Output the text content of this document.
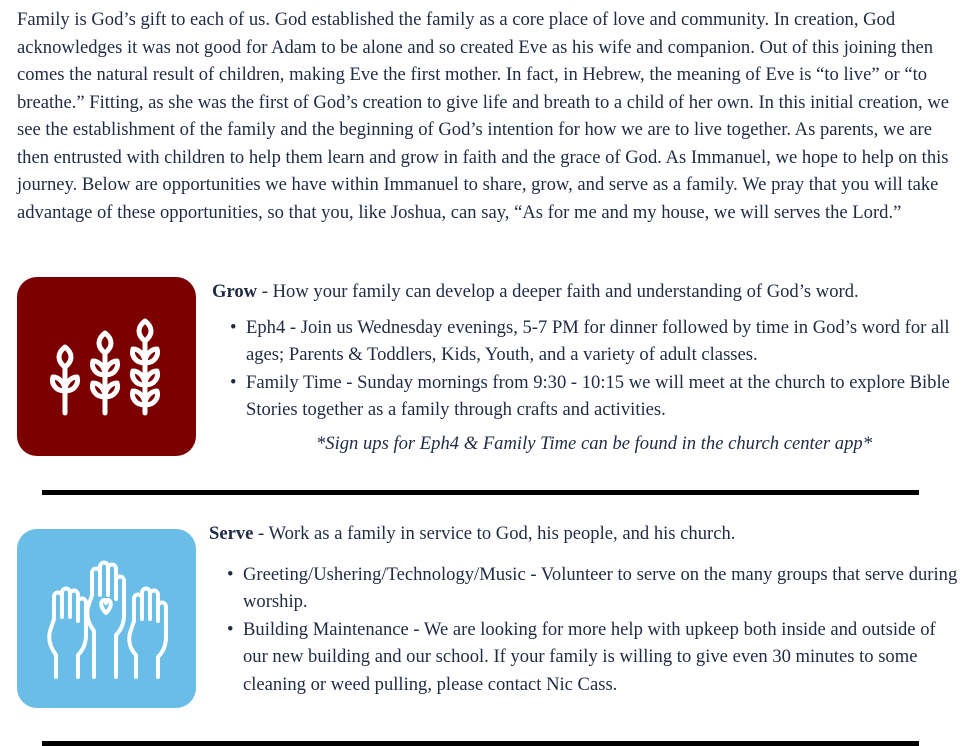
Family is God’s gift to each of us. God established the family as a core place of love and community. In creation, God acknowledges it was not good for Adam to be alone and so created Eve as his wife and companion. Out of this joining then comes the natural result of children, making Eve the first mother. In fact, in Hebrew, the meaning of Eve is “to live” or “to breathe.” Fitting, as she was the first of God’s creation to give life and breath to a child of her own. In this initial creation, we see the establishment of the family and the beginning of God’s intention for how we are to live together. As parents, we are then entrusted with children to help them learn and grow in faith and the grace of God. As Immanuel, we hope to help on this journey. Below are opportunities we have within Immanuel to share, grow, and serve as a family. We pray that you will take advantage of these opportunities, so that you, like Joshua, can say, “As for me and my house, we will serves the Lord.”

Grow - How your family can develop a deeper faith and understanding of God’s word.

• Eph4 - Join us Wednesday evenings, 5-7 PM for dinner followed by time in God’s word for all ages; Parents & Toddlers, Kids, Youth, and a variety of adult classes.
• Family Time - Sunday mornings from 9:30 - 10:15 we will meet at the church to explore Bible Stories together as a family through crafts and activities.

*Sign ups for Eph4 & Family Time can be found in the church center app*

Serve - Work as a family in service to God, his people, and his church.

• Greeting/Ushering/Technology/Music - Volunteer to serve on the many groups that serve during worship.
• Building Maintenance - We are looking for more help with upkeep both inside and outside of our new building and our school. If your family is willing to give even 30 minutes to some cleaning or weed pulling, please contact Nic Cass.
